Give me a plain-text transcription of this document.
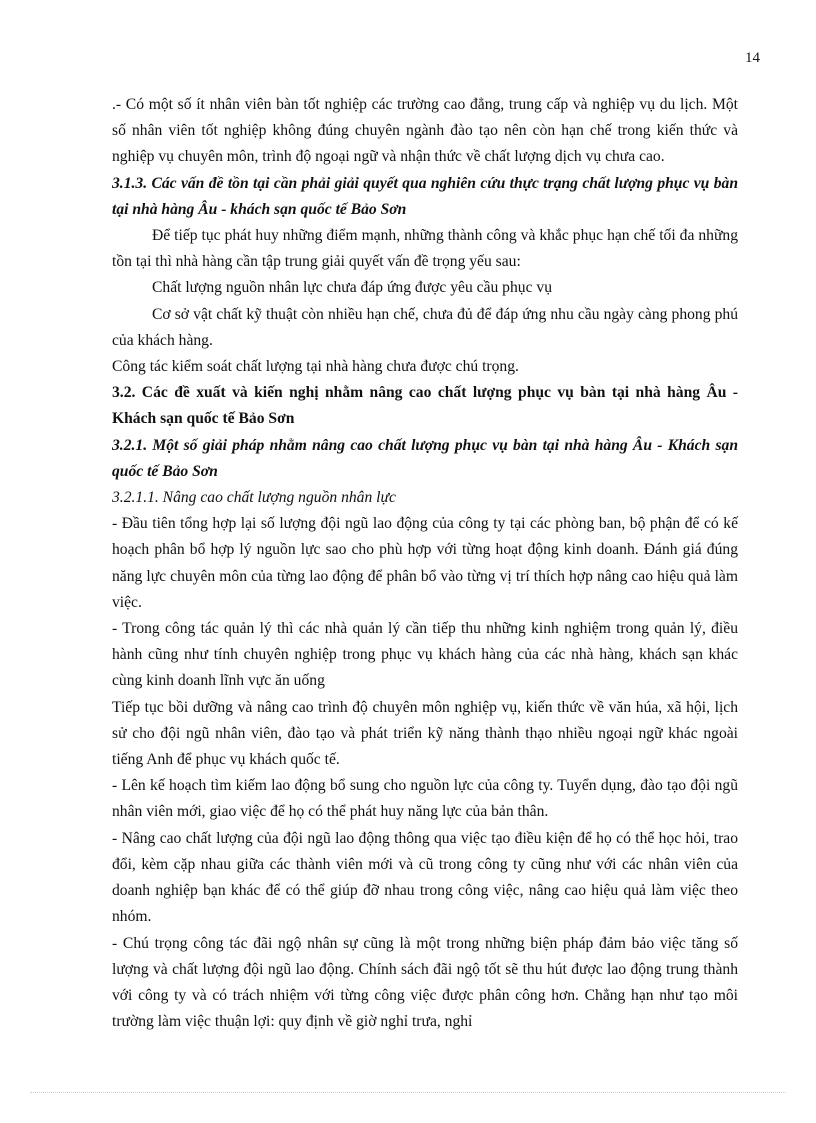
14

.- Có một số ít nhân viên bàn tốt nghiệp các trường cao đẳng, trung cấp và nghiệp vụ du lịch. Một số nhân viên tốt nghiệp không đúng chuyên ngành đào tạo nên còn hạn chế trong kiến thức và nghiệp vụ chuyên môn, trình độ ngoại ngữ và nhận thức về chất lượng dịch vụ chưa cao.

3.1.3. Các vấn đề tồn tại cần phải giải quyết qua nghiên cứu thực trạng chất lượng phục vụ bàn tại nhà hàng Âu - khách sạn quốc tế Bảo Sơn

Để tiếp tục phát huy những điểm mạnh, những thành công và khắc phục hạn chế tối đa những tồn tại thì nhà hàng cần tập trung giải quyết vấn đề trọng yếu sau:

Chất lượng nguồn nhân lực chưa đáp ứng được yêu cầu phục vụ

Cơ sở vật chất kỹ thuật còn nhiều hạn chế, chưa đủ để đáp ứng nhu cầu ngày càng phong phú của khách hàng.

Công tác kiểm soát chất lượng tại nhà hàng chưa được chú trọng.

3.2. Các đề xuất và kiến nghị nhằm nâng cao chất lượng phục vụ bàn tại nhà hàng Âu - Khách sạn quốc tế Bảo Sơn

3.2.1. Một số giải pháp nhằm nâng cao chất lượng phục vụ bàn tại nhà hàng Âu - Khách sạn quốc tế Bảo Sơn

3.2.1.1. Nâng cao chất lượng nguồn nhân lực

- Đầu tiên tổng hợp lại số lượng đội ngũ lao động của công ty tại các phòng ban, bộ phận để có kế hoạch phân bổ hợp lý nguồn lực sao cho phù hợp với từng hoạt động kinh doanh. Đánh giá đúng năng lực chuyên môn của từng lao động để phân bổ vào từng vị trí thích hợp nâng cao hiệu quả làm việc.

- Trong công tác quản lý thì các nhà quản lý cần tiếp thu những kinh nghiệm trong quản lý, điều hành cũng như tính chuyên nghiệp trong phục vụ khách hàng của các nhà hàng, khách sạn khác cùng kinh doanh lĩnh vực ăn uống

Tiếp tục bồi dưỡng và nâng cao trình độ chuyên môn nghiệp vụ, kiến thức về văn húa, xã hội, lịch sử cho đội ngũ nhân viên, đào tạo và phát triển kỹ năng thành thạo nhiều ngoại ngữ khác ngoài tiếng Anh để phục vụ khách quốc tế.

- Lên kế hoạch tìm kiếm lao động bổ sung cho nguồn lực của công ty. Tuyển dụng, đào tạo đội ngũ nhân viên mới, giao việc để họ có thể phát huy năng lực của bản thân.

- Nâng cao chất lượng của đội ngũ lao động thông qua việc tạo điều kiện để họ có thể học hỏi, trao đổi, kèm cặp nhau giữa các thành viên mới và cũ trong công ty cũng như với các nhân viên của doanh nghiệp bạn khác để có thể giúp đỡ nhau trong công việc, nâng cao hiệu quả làm việc theo nhóm.

- Chú trọng công tác đãi ngộ nhân sự cũng là một trong những biện pháp đảm bảo việc tăng số lượng và chất lượng đội ngũ lao động. Chính sách đãi ngộ tốt sẽ thu hút được lao động trung thành với công ty và có trách nhiệm với từng công việc được phân công hơn. Chẳng hạn như tạo môi trường làm việc thuận lợi: quy định về giờ nghỉ trưa, nghỉ
